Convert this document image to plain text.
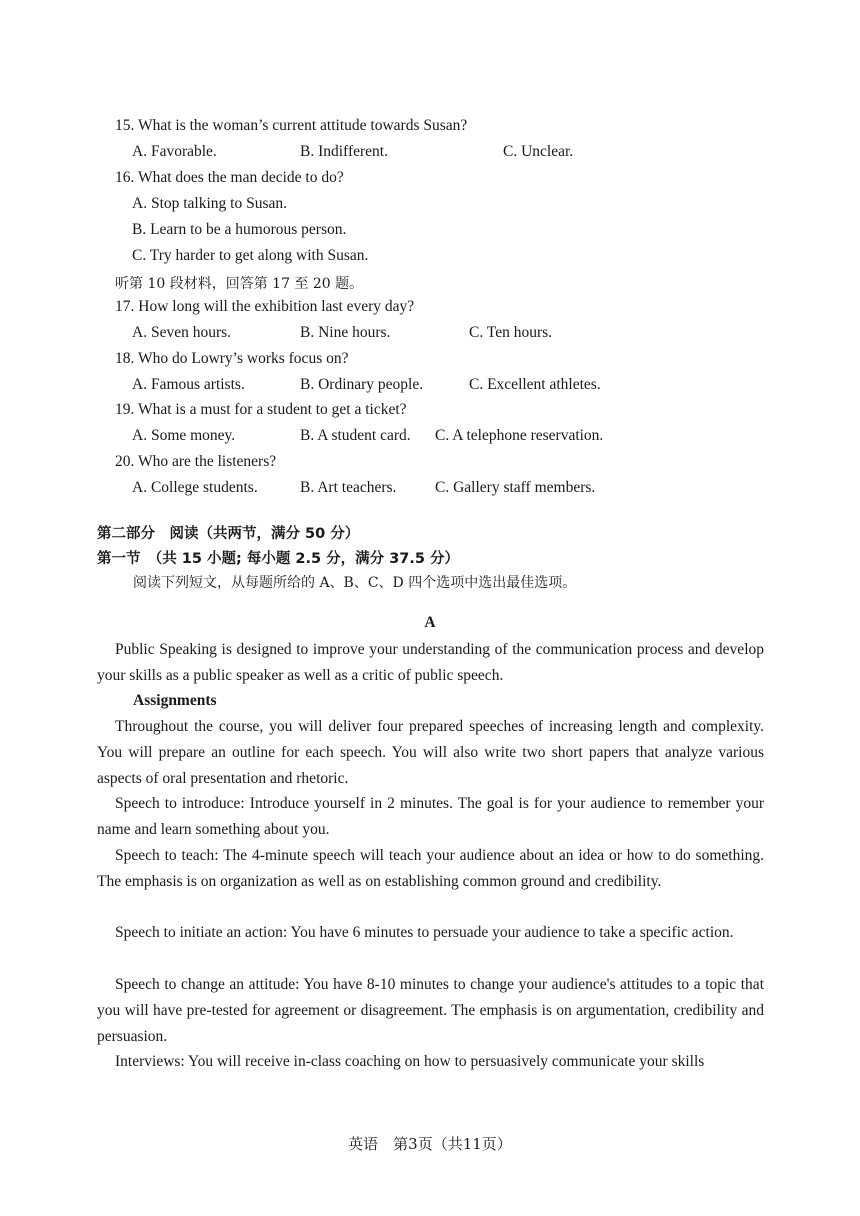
15. What is the woman’s current attitude towards Susan?
A. Favorable.	B. Indifferent.	C. Unclear.
16. What does the man decide to do?
A. Stop talking to Susan.
B. Learn to be a humorous person.
C. Try harder to get along with Susan.
听第 10 段材料，回答第 17 至 20 题。
17. How long will the exhibition last every day?
A. Seven hours.	B. Nine hours.	C. Ten hours.
18. Who do Lowry’s works focus on?
A. Famous artists.	B. Ordinary people.	C. Excellent athletes.
19. What is a must for a student to get a ticket?
A. Some money.	B. A student card. C. A telephone reservation.
20. Who are the listeners?
A. College students.	B. Art teachers. C. Gallery staff members.
第二部分　阅读（共两节，满分 50 分）
第一节　（共 15 小题; 每小题 2.5 分，满分 37.5 分）
阅读下列短文，从每题所给的 A、B、C、D 四个选项中选出最佳选项。
A

Public Speaking is designed to improve your understanding of the communication process and develop your skills as a public speaker as well as a critic of public speech.

Assignments

Throughout the course, you will deliver four prepared speeches of increasing length and complexity. You will prepare an outline for each speech. You will also write two short papers that analyze various aspects of oral presentation and rhetoric.

Speech to introduce: Introduce yourself in 2 minutes. The goal is for your audience to remember your name and learn something about you.

Speech to teach: The 4-minute speech will teach your audience about an idea or how to do something. The emphasis is on organization as well as on establishing common ground and credibility.

Speech to initiate an action: You have 6 minutes to persuade your audience to take a specific action.

Speech to change an attitude: You have 8-10 minutes to change your audience's attitudes to a topic that you will have pre-tested for agreement or disagreement. The emphasis is on argumentation, credibility and persuasion.

Interviews: You will receive in-class coaching on how to persuasively communicate your skills

英语　第3页（共11页）
